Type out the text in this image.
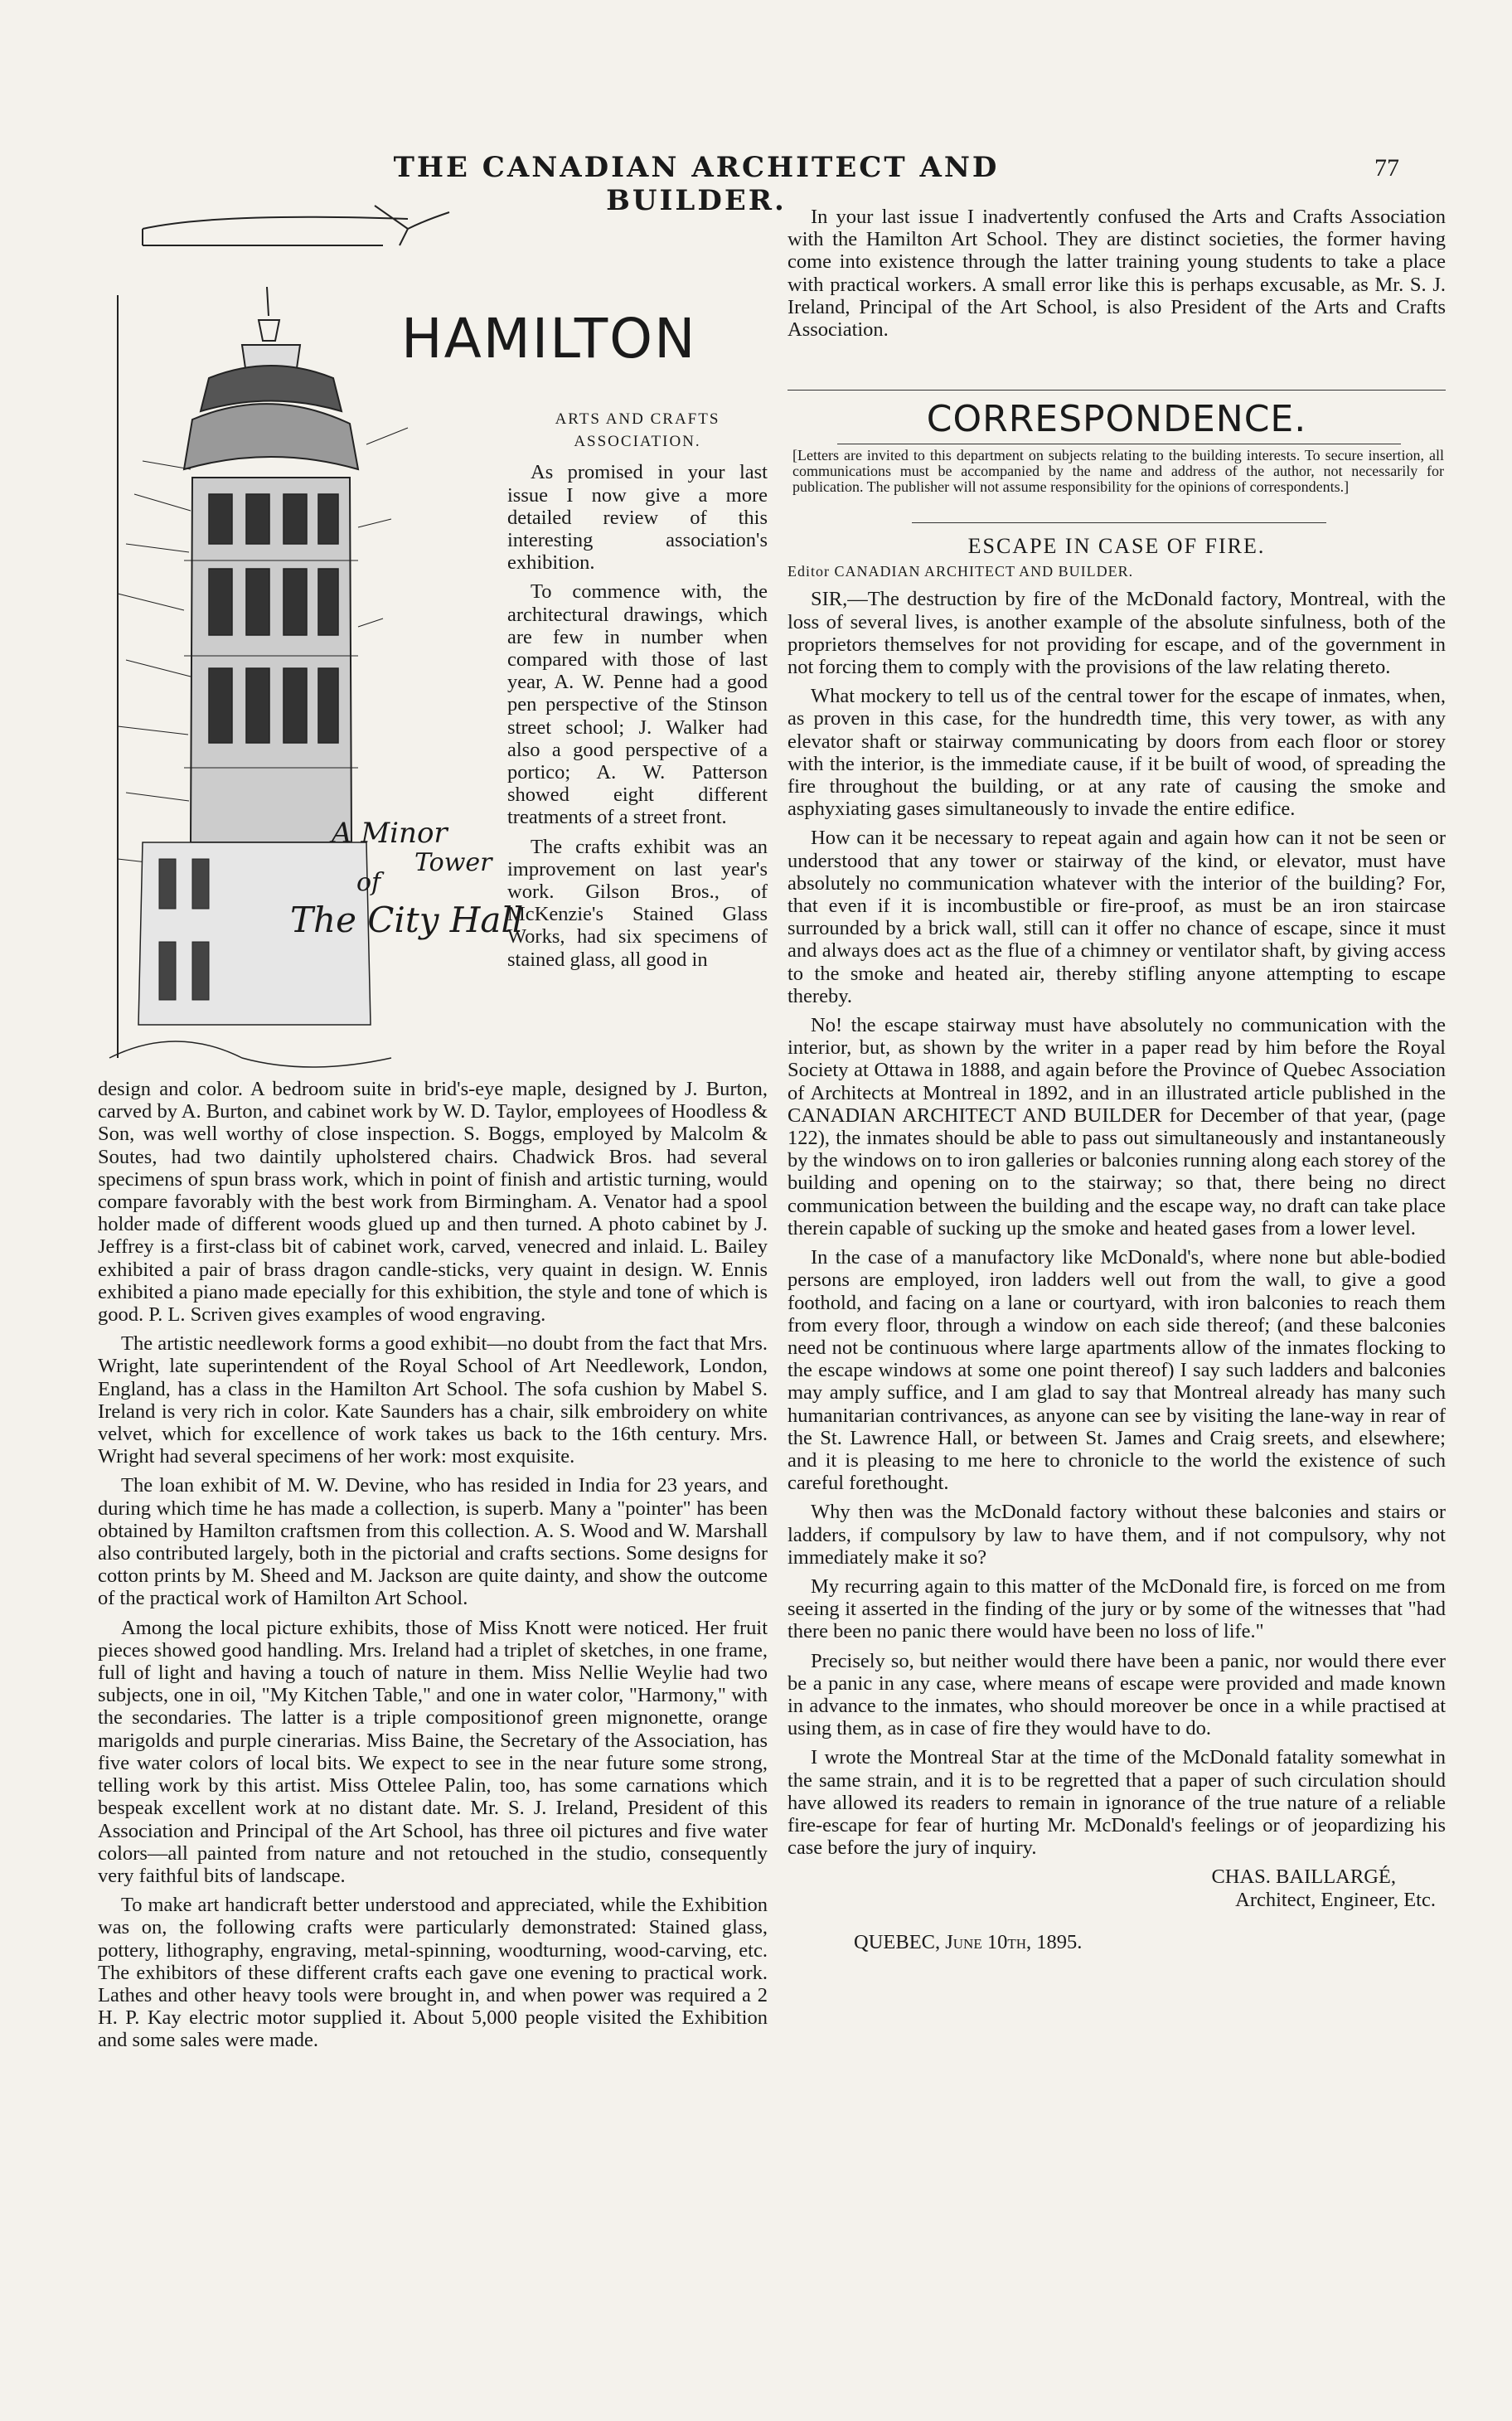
THE CANADIAN ARCHITECT AND BUILDER.
77
HAMILTON
A Minor
Tower
of
The City Hall

ARTS AND CRAFTS ASSOCIATION.

As promised in your last issue I now give a more detailed review of this interesting association's exhibition.

To commence with, the architectural drawings, which are few in number when compared with those of last year, A. W. Penne had a good pen perspective of the Stinson street school; J. Walker had also a good perspective of a portico; A. W. Patterson showed eight different treatments of a street front.

The crafts exhibit was an improvement on last year's work. Gilson Bros., of McKenzie's Stained Glass Works, had six specimens of stained glass, all good in

design and color. A bedroom suite in brid's-eye maple, designed by J. Burton, carved by A. Burton, and cabinet work by W. D. Taylor, employees of Hoodless & Son, was well worthy of close inspection. S. Boggs, employed by Malcolm & Soutes, had two daintily upholstered chairs. Chadwick Bros. had several specimens of spun brass work, which in point of finish and artistic turning, would compare favorably with the best work from Birmingham. A. Venator had a spool holder made of different woods glued up and then turned. A photo cabinet by J. Jeffrey is a first-class bit of cabinet work, carved, venecred and inlaid. L. Bailey exhibited a pair of brass dragon candle-sticks, very quaint in design. W. Ennis exhibited a piano made epecially for this exhibition, the style and tone of which is good. P. L. Scriven gives examples of wood engraving.

The artistic needlework forms a good exhibit—no doubt from the fact that Mrs. Wright, late superintendent of the Royal School of Art Needlework, London, England, has a class in the Hamilton Art School. The sofa cushion by Mabel S. Ireland is very rich in color. Kate Saunders has a chair, silk embroidery on white velvet, which for excellence of work takes us back to the 16th century. Mrs. Wright had several specimens of her work: most exquisite.

The loan exhibit of M. W. Devine, who has resided in India for 23 years, and during which time he has made a collection, is superb. Many a "pointer" has been obtained by Hamilton craftsmen from this collection. A. S. Wood and W. Marshall also contributed largely, both in the pictorial and crafts sections. Some designs for cotton prints by M. Sheed and M. Jackson are quite dainty, and show the outcome of the practical work of Hamilton Art School.

Among the local picture exhibits, those of Miss Knott were noticed. Her fruit pieces showed good handling. Mrs. Ireland had a triplet of sketches, in one frame, full of light and having a touch of nature in them. Miss Nellie Weylie had two subjects, one in oil, "My Kitchen Table," and one in water color, "Harmony," with the secondaries. The latter is a triple compositionof green mignonette, orange marigolds and purple cinerarias. Miss Baine, the Secretary of the Association, has five water colors of local bits. We expect to see in the near future some strong, telling work by this artist. Miss Ottelee Palin, too, has some carnations which bespeak excellent work at no distant date. Mr. S. J. Ireland, President of this Association and Principal of the Art School, has three oil pictures and five water colors—all painted from nature and not retouched in the studio, consequently very faithful bits of landscape.

To make art handicraft better understood and appreciated, while the Exhibition was on, the following crafts were particularly demonstrated: Stained glass, pottery, lithography, engraving, metal-spinning, woodturning, wood-carving, etc. The exhibitors of these different crafts each gave one evening to practical work. Lathes and other heavy tools were brought in, and when power was required a 2 H. P. Kay electric motor supplied it. About 5,000 people visited the Exhibition and some sales were made.

In your last issue I inadvertently confused the Arts and Crafts Association with the Hamilton Art School. They are distinct societies, the former having come into existence through the latter training young students to take a place with practical workers. A small error like this is perhaps excusable, as Mr. S. J. Ireland, Principal of the Art School, is also President of the Arts and Crafts Association.

CORRESPONDENCE.
[Letters are invited to this department on subjects relating to the building interests. To secure insertion, all communications must be accompanied by the name and address of the author, not necessarily for publication. The publisher will not assume responsibility for the opinions of correspondents.]

ESCAPE IN CASE OF FIRE.

Editor CANADIAN ARCHITECT AND BUILDER.

SIR,—The destruction by fire of the McDonald factory, Montreal, with the loss of several lives, is another example of the absolute sinfulness, both of the proprietors themselves for not providing for escape, and of the government in not forcing them to comply with the provisions of the law relating thereto.

What mockery to tell us of the central tower for the escape of inmates, when, as proven in this case, for the hundredth time, this very tower, as with any elevator shaft or stairway communicating by doors from each floor or storey with the interior, is the immediate cause, if it be built of wood, of spreading the fire throughout the building, or at any rate of causing the smoke and asphyxiating gases simultaneously to invade the entire edifice.

How can it be necessary to repeat again and again how can it not be seen or understood that any tower or stairway of the kind, or elevator, must have absolutely no communication whatever with the interior of the building? For, that even if it is incombustible or fire-proof, as must be an iron staircase surrounded by a brick wall, still can it offer no chance of escape, since it must and always does act as the flue of a chimney or ventilator shaft, by giving access to the smoke and heated air, thereby stifling anyone attempting to escape thereby.

No! the escape stairway must have absolutely no communication with the interior, but, as shown by the writer in a paper read by him before the Royal Society at Ottawa in 1888, and again before the Province of Quebec Association of Architects at Montreal in 1892, and in an illustrated article published in the CANADIAN ARCHITECT AND BUILDER for December of that year, (page 122), the inmates should be able to pass out simultaneously and instantaneously by the windows on to iron galleries or balconies running along each storey of the building and opening on to the stairway; so that, there being no direct communication between the building and the escape way, no draft can take place therein capable of sucking up the smoke and heated gases from a lower level.

In the case of a manufactory like McDonald's, where none but able-bodied persons are employed, iron ladders well out from the wall, to give a good foothold, and facing on a lane or courtyard, with iron balconies to reach them from every floor, through a window on each side thereof; (and these balconies need not be continuous where large apartments allow of the inmates flocking to the escape windows at some one point thereof) I say such ladders and balconies may amply suffice, and I am glad to say that Montreal already has many such humanitarian contrivances, as anyone can see by visiting the lane-way in rear of the St. Lawrence Hall, or between St. James and Craig sreets, and elsewhere; and it is pleasing to me here to chronicle to the world the existence of such careful forethought.

Why then was the McDonald factory without these balconies and stairs or ladders, if compulsory by law to have them, and if not compulsory, why not immediately make it so?

My recurring again to this matter of the McDonald fire, is forced on me from seeing it asserted in the finding of the jury or by some of the witnesses that "had there been no panic there would have been no loss of life."

Precisely so, but neither would there have been a panic, nor would there ever be a panic in any case, where means of escape were provided and made known in advance to the inmates, who should moreover be once in a while practised at using them, as in case of fire they would have to do.

I wrote the Montreal Star at the time of the McDonald fatality somewhat in the same strain, and it is to be regretted that a paper of such circulation should have allowed its readers to remain in ignorance of the true nature of a reliable fire-escape for fear of hurting Mr. McDonald's feelings or of jeopardizing his case before the jury of inquiry.

CHAS. BAILLARGÉ,

Architect, Engineer, Etc.

QUEBEC, June 10th, 1895.
